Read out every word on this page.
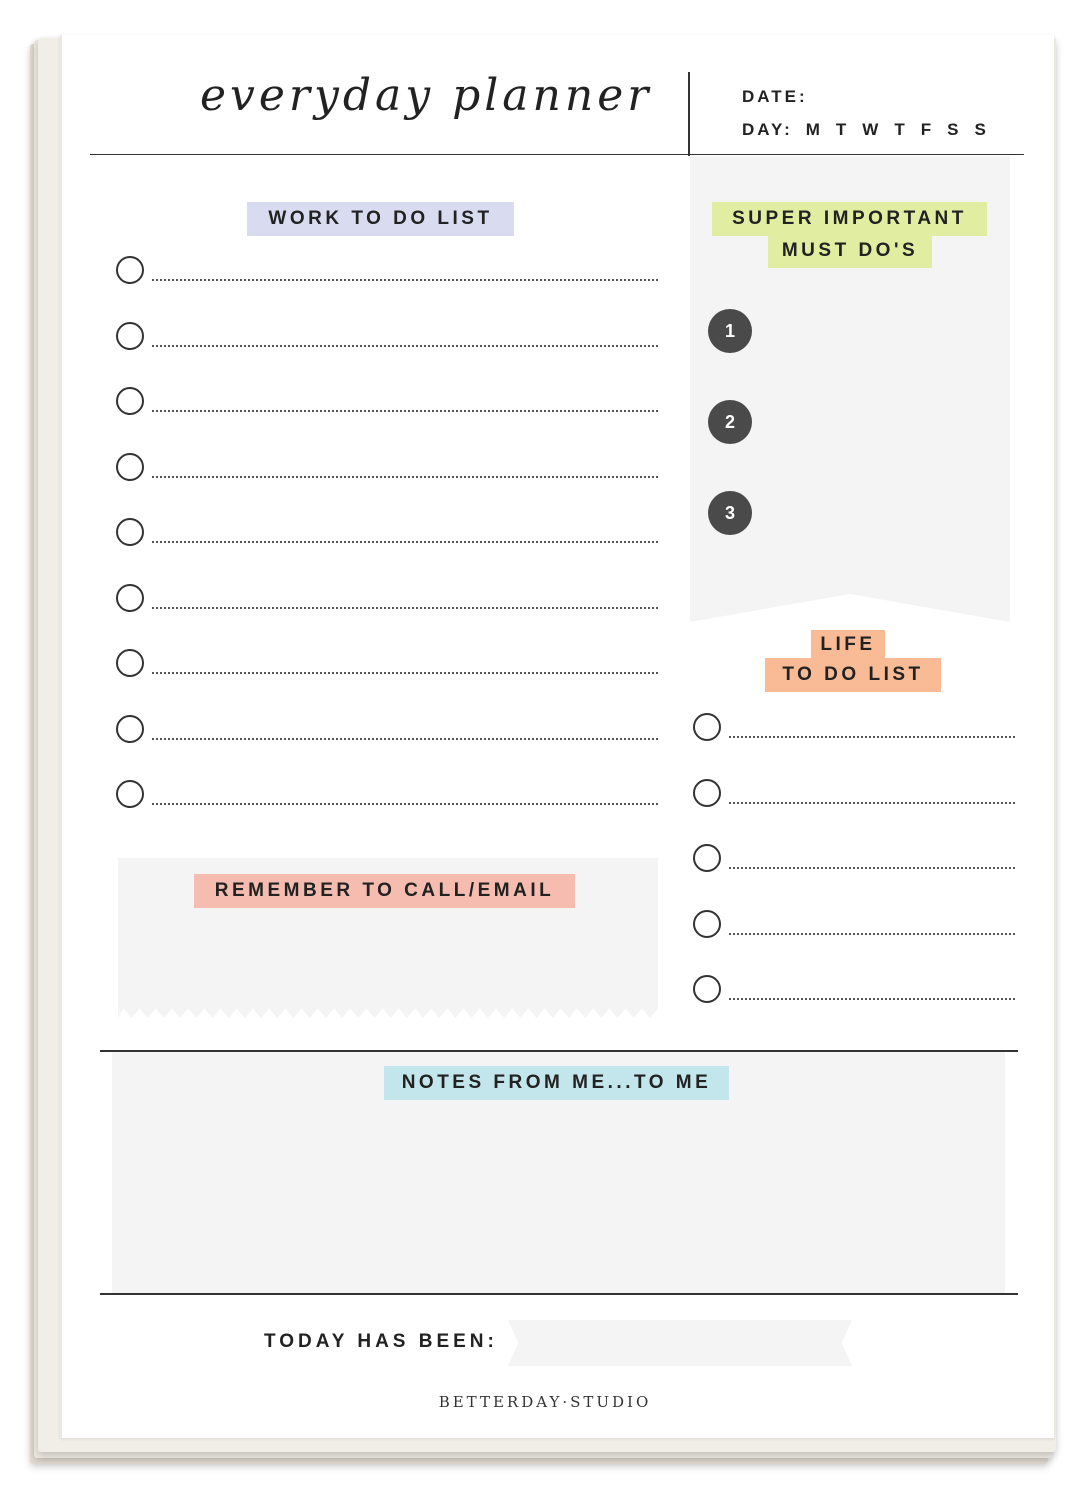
everyday planner	DATE:
DAY: M T W T F S S
WORK TO DO LIST	SUPER IMPORTANT
MUST DO'S
1
2
3
LIFE
TO DO LIST
REMEMBER TO CALL/EMAIL
NOTES FROM ME...TO ME
TODAY HAS BEEN:
BETTERDAY·STUDIO
